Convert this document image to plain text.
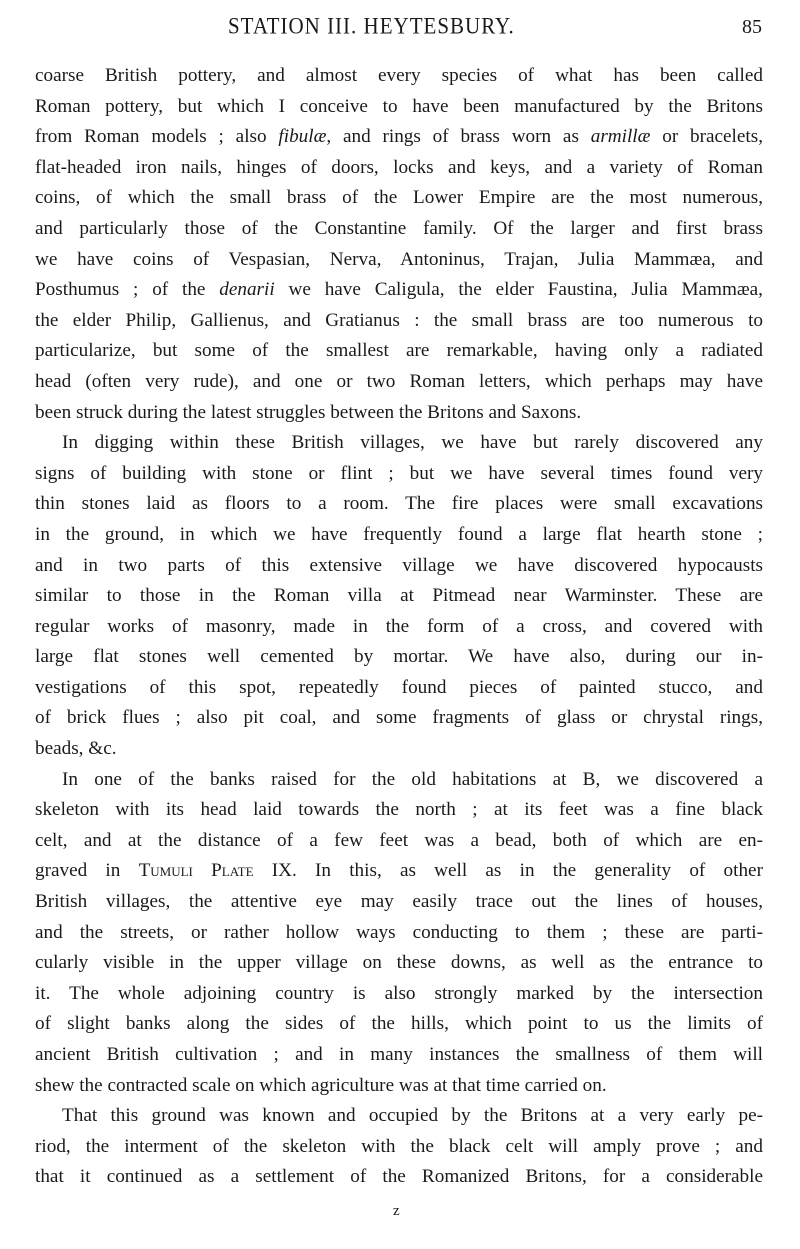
STATION III. HEYTESBURY.	85
coarse British pottery, and almost every species of what has been called
Roman pottery, but which I conceive to have been manufactured by the Britons
from Roman models ; also fibulæ, and rings of brass worn as armillæ or bracelets,
flat-headed iron nails, hinges of doors, locks and keys, and a variety of Roman
coins, of which the small brass of the Lower Empire are the most numerous,
and particularly those of the Constantine family. Of the larger and first brass
we have coins of Vespasian, Nerva, Antoninus, Trajan, Julia Mammæa, and
Posthumus ; of the denarii we have Caligula, the elder Faustina, Julia Mammæa,
the elder Philip, Gallienus, and Gratianus : the small brass are too numerous to
particularize, but some of the smallest are remarkable, having only a radiated
head (often very rude), and one or two Roman letters, which perhaps may have
been struck during the latest struggles between the Britons and Saxons.
In digging within these British villages, we have but rarely discovered any
signs of building with stone or flint ; but we have several times found very
thin stones laid as floors to a room. The fire places were small excavations
in the ground, in which we have frequently found a large flat hearth stone ;
and in two parts of this extensive village we have discovered hypocausts
similar to those in the Roman villa at Pitmead near Warminster. These are
regular works of masonry, made in the form of a cross, and covered with
large flat stones well cemented by mortar. We have also, during our in-
vestigations of this spot, repeatedly found pieces of painted stucco, and
of brick flues ; also pit coal, and some fragments of glass or chrystal rings,
beads, &c.
In one of the banks raised for the old habitations at B, we discovered a
skeleton with its head laid towards the north ; at its feet was a fine black
celt, and at the distance of a few feet was a bead, both of which are en-
graved in Tumuli Plate IX. In this, as well as in the generality of other
British villages, the attentive eye may easily trace out the lines of houses,
and the streets, or rather hollow ways conducting to them ; these are parti-
cularly visible in the upper village on these downs, as well as the entrance to
it. The whole adjoining country is also strongly marked by the intersection
of slight banks along the sides of the hills, which point to us the limits of
ancient British cultivation ; and in many instances the smallness of them will
shew the contracted scale on which agriculture was at that time carried on.
That this ground was known and occupied by the Britons at a very early pe-
riod, the interment of the skeleton with the black celt will amply prove ; and
that it continued as a settlement of the Romanized Britons, for a considerable
z
